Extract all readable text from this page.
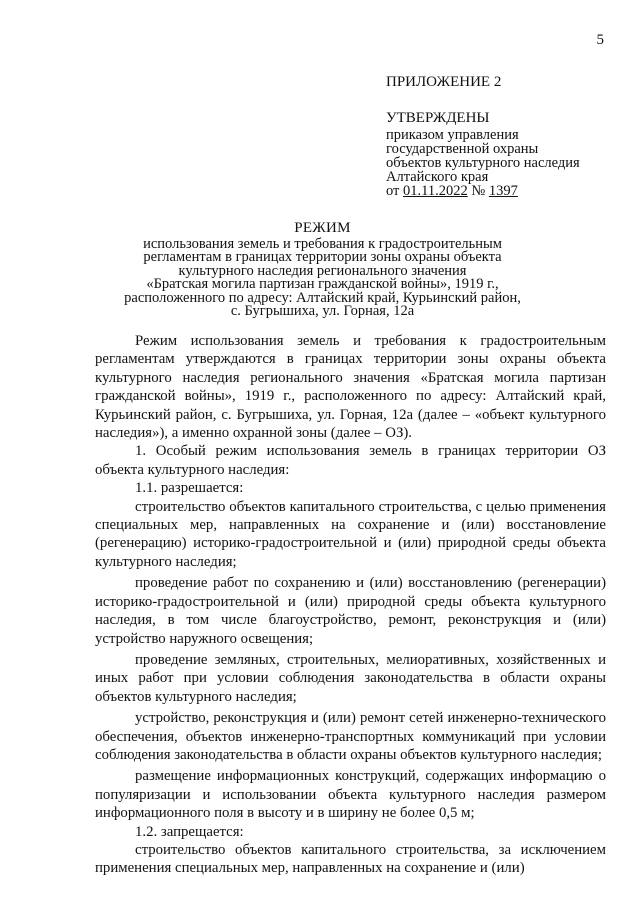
5
ПРИЛОЖЕНИЕ 2
УТВЕРЖДЕНЫ
приказом управления
государственной охраны
объектов культурного наследия
Алтайского края
от 01.11.2022 № 1397
РЕЖИМ
использования земель и требования к градостроительным
регламентам в границах территории зоны охраны объекта
культурного наследия регионального значения
«Братская могила партизан гражданской войны», 1919 г.,
расположенного по адресу: Алтайский край, Курьинский район,
с. Бугрышиха, ул. Горная, 12а

Режим использования земель и требования к градостроительным регламентам утверждаются в границах территории зоны охраны объекта культурного наследия регионального значения «Братская могила партизан гражданской войны», 1919 г., расположенного по адресу: Алтайский край, Курьинский район, с. Бугрышиха, ул. Горная, 12а (далее – «объект культурного наследия»), а именно охранной зоны (далее – ОЗ).

1. Особый режим использования земель в границах территории ОЗ объекта культурного наследия:

1.1. разрешается:

строительство объектов капитального строительства, с целью применения специальных мер, направленных на сохранение и (или) восстановление (регенерацию) историко-градостроительной и (или) природной среды объекта культурного наследия;

проведение работ по сохранению и (или) восстановлению (регенерации) историко-градостроительной и (или) природной среды объекта культурного наследия, в том числе благоустройство, ремонт, реконструкция и (или) устройство наружного освещения;

проведение земляных, строительных, мелиоративных, хозяйственных и иных работ при условии соблюдения законодательства в области охраны объектов культурного наследия;

устройство, реконструкция и (или) ремонт сетей инженерно-технического обеспечения, объектов инженерно-транспортных коммуникаций при условии соблюдения законодательства в области охраны объектов культурного наследия;

размещение информационных конструкций, содержащих информацию о популяризации и использовании объекта культурного наследия размером информационного поля в высоту и в ширину не более 0,5 м;

1.2. запрещается:

строительство объектов капитального строительства, за исключением применения специальных мер, направленных на сохранение и (или)
